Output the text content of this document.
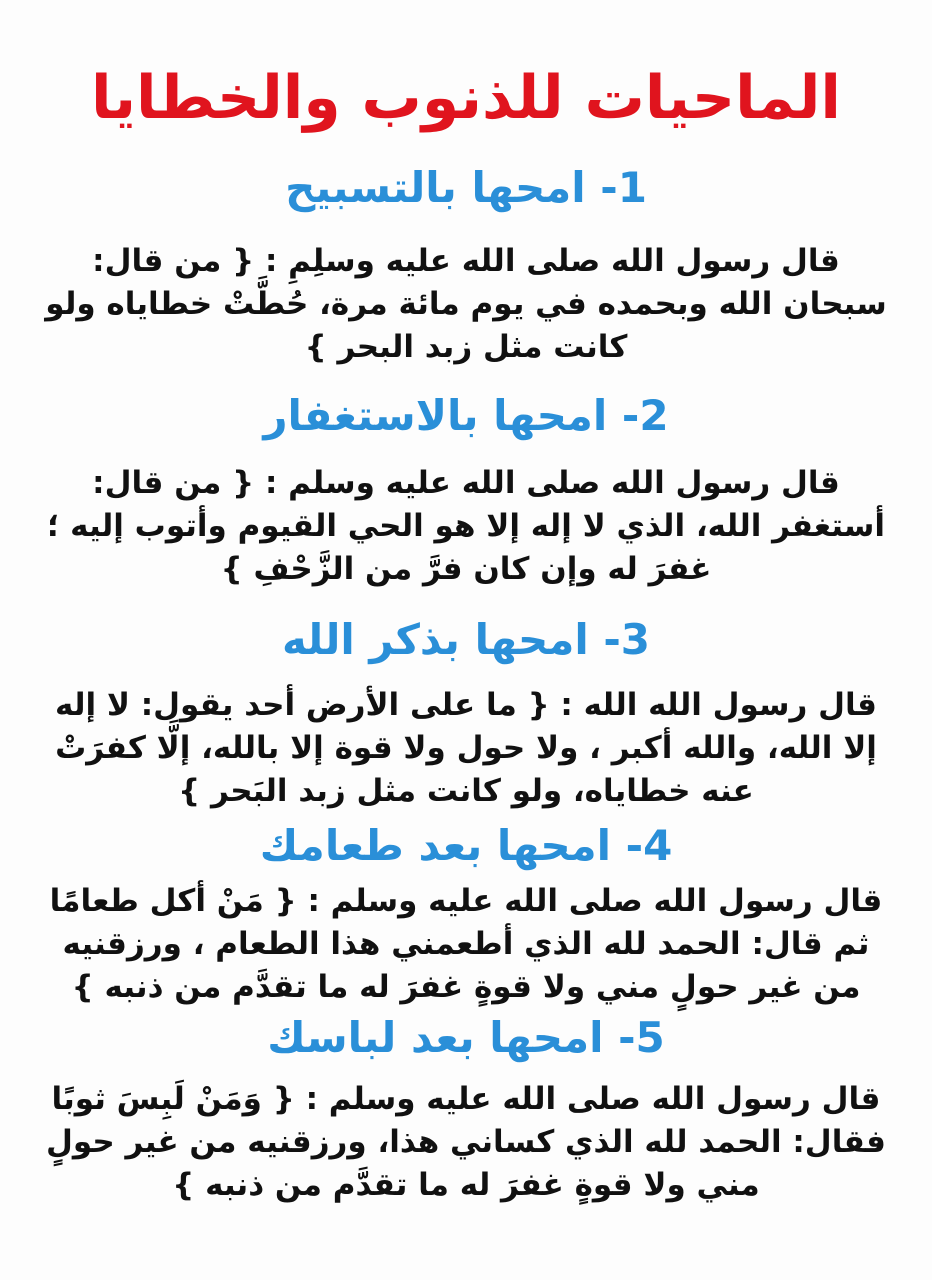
الماحيات للذنوب والخطايا
1- امحها بالتسبيح
قال رسول الله صلى الله عليه وسلِمِ : { من قال: سبحان الله وبحمده في يوم مائة مرة، حُطَّتْ خطاياه ولو كانت مثل زبد البحر }
2- امحها بالاستغفار
قال رسول الله صلى الله عليه وسلم : { من قال: أستغفر الله، الذي لا إله إلا هو الحي القيوم وأتوب إليه ؛ غفرَ له وإن كان فرَّ من الزَّحْفِ }
3- امحها بذكر الله
قال رسول الله الله : { ما على الأرض أحد يقول: لا إله إلا الله، والله أكبر ، ولا حول ولا قوة إلا بالله، إلَّا كفرَتْ عنه خطاياه، ولو كانت مثل زبد البَحر }
4- امحها بعد طعامك
قال رسول الله صلى الله عليه وسلم : { مَنْ أكل طعامًا ثم قال: الحمد لله الذي أطعمني هذا الطعام ، ورزقنيه من غير حولٍ مني ولا قوةٍ غفرَ له ما تقدَّم من ذنبه }
5- امحها بعد لباسك
قال رسول الله صلى الله عليه وسلم : { وَمَنْ لَبِسَ ثوبًا فقال: الحمد لله الذي كساني هذا، ورزقنيه من غير حولٍ مني ولا قوةٍ غفرَ له ما تقدَّم من ذنبه }
